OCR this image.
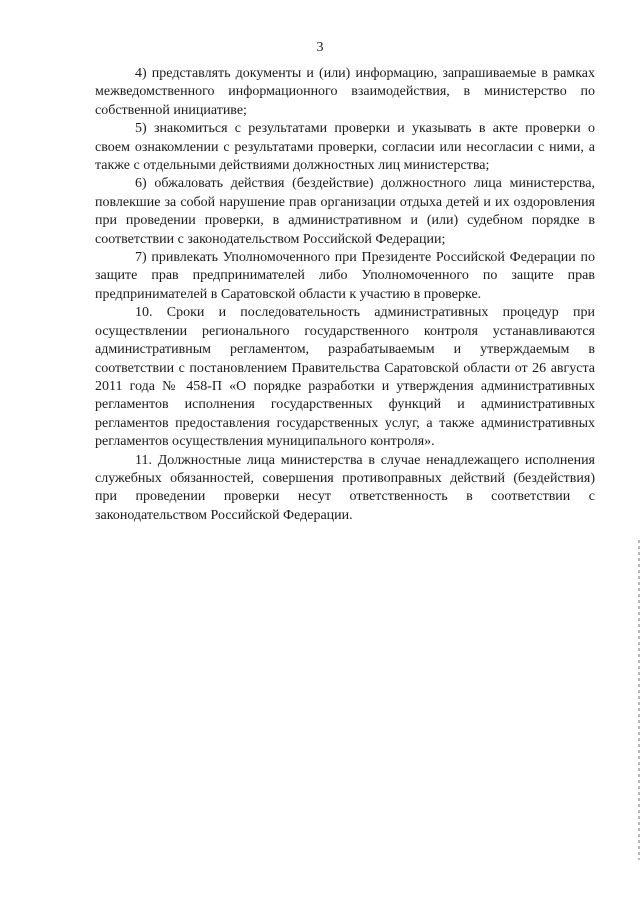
3

4) представлять документы и (или) информацию, запрашиваемые в рамках межведомственного информационного взаимодействия, в министерство по собственной инициативе;

5) знакомиться с результатами проверки и указывать в акте проверки о своем ознакомлении с результатами проверки, согласии или несогласии с ними, а также с отдельными действиями должностных лиц министерства;

6) обжаловать действия (бездействие) должностного лица министерства, повлекшие за собой нарушение прав организации отдыха детей и их оздоровления при проведении проверки, в административном и (или) судебном порядке в соответствии с законодательством Российской Федерации;

7) привлекать Уполномоченного при Президенте Российской Федерации по защите прав предпринимателей либо Уполномоченного по защите прав предпринимателей в Саратовской области к участию в проверке.

10. Сроки и последовательность административных процедур при осуществлении регионального государственного контроля устанавливаются административным регламентом, разрабатываемым и утверждаемым в соответствии с постановлением Правительства Саратовской области от 26 августа 2011 года № 458-П «О порядке разработки и утверждения административных регламентов исполнения государственных функций и административных регламентов предоставления государственных услуг, а также административных регламентов осуществления муниципального контроля».

11. Должностные лица министерства в случае ненадлежащего исполнения служебных обязанностей, совершения противоправных действий (бездействия) при проведении проверки несут ответственность в соответствии с законодательством Российской Федерации.
